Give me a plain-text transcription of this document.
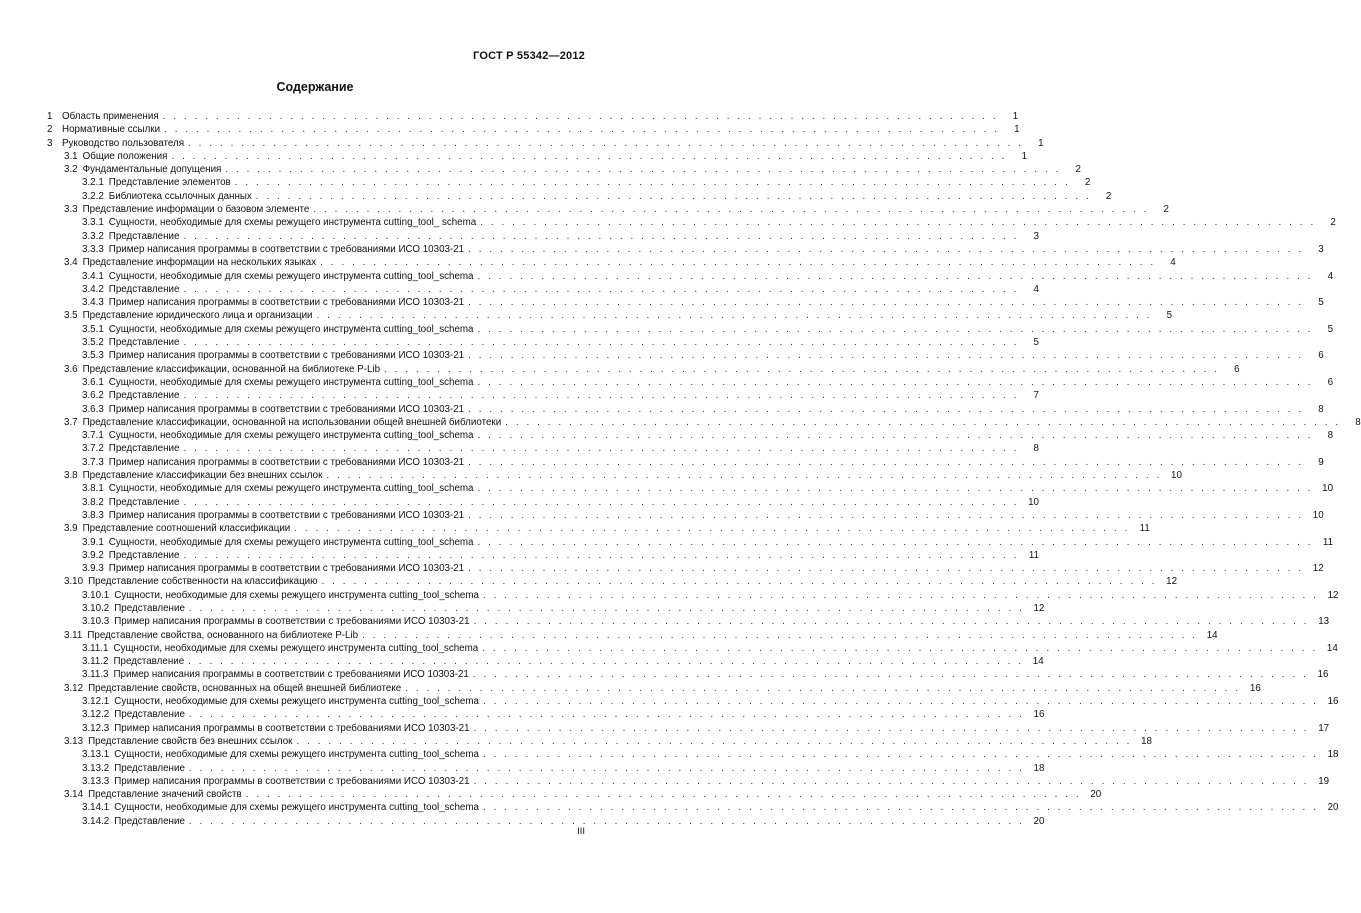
ГОСТ Р 55342—2012
Содержание
1 Область применения . . . . . . . . . . . . . . . . . . . . . . . . . . . . . . . . . . . . . . . . . . . . . . . . . . . . . . . . . . . . . . . . . . . . . . . . . . . . . . .	1
2 Нормативные ссылки . . . . . . . . . . . . . . . . . . . . . . . . . . . . . . . . . . . . . . . . . . . . . . . . . . . . . . . . . . . . . . . . . . . . . . . . . . . . . . .	1
3 Руководство пользователя . . . . . . . . . . . . . . . . . . . . . . . . . . . . . . . . . . . . . . . . . . . . . . . . . . . . . . . . . . . . . . . . . . . . . . . . . . . . . . .	1
3.1 Общие положения . . . . . . . . . . . . . . . . . . . . . . . . . . . . . . . . . . . . . . . . . . . . . . . . . . . . . . . . . . . . . . . . . . . . . . . . . . . . . . .	1
3.2 Фундаментальные допущения . . . . . . . . . . . . . . . . . . . . . . . . . . . . . . . . . . . . . . . . . . . . . . . . . . . . . . . . . . . . . . . . . . . . . . . . . . . . . . .	2
3.2.1 Представление элементов . . . . . . . . . . . . . . . . . . . . . . . . . . . . . . . . . . . . . . . . . . . . . . . . . . . . . . . . . . . . . . . . . . . . . . . . . . . . . . .	2
3.2.2 Библиотека ссылочных данных . . . . . . . . . . . . . . . . . . . . . . . . . . . . . . . . . . . . . . . . . . . . . . . . . . . . . . . . . . . . . . . . . . . . . . . . . . . . . . .	2
3.3 Представление информации о базовом элементе . . . . . . . . . . . . . . . . . . . . . . . . . . . . . . . . . . . . . . . . . . . . . . . . . . . . . . . . . . . . . . . . . . . . . . . . . . . . . . .	2
3.3.1 Сущности, необходимые для схемы режущего инструмента cutting_tool_ schema . . . . . . . . . . . . . . . . . . . . . . . . . . . . . . . . . . . . . . . . . . . . . . . . . . . . . . . . . . . . . . . . . . . . . . . . . . . . . . .	2
3.3.2 Представление . . . . . . . . . . . . . . . . . . . . . . . . . . . . . . . . . . . . . . . . . . . . . . . . . . . . . . . . . . . . . . . . . . . . . . . . . . . . . . .	3
3.3.3 Пример написания программы в соответствии с требованиями ИСО 10303-21 . . . . . . . . . . . . . . . . . . . . . . . . . . . . . . . . . . . . . . . . . . . . . . . . . . . . . . . . . . . . . . . . . . . . . . . . . . . . . . .	3
3.4 Представление информации на нескольких языках . . . . . . . . . . . . . . . . . . . . . . . . . . . . . . . . . . . . . . . . . . . . . . . . . . . . . . . . . . . . . . . . . . . . . . . . . . . . . . .	4
3.4.1 Сущности, необходимые для схемы режущего инструмента cutting_tool_schema . . . . . . . . . . . . . . . . . . . . . . . . . . . . . . . . . . . . . . . . . . . . . . . . . . . . . . . . . . . . . . . . . . . . . . . . . . . . . . .	4
3.4.2 Представление . . . . . . . . . . . . . . . . . . . . . . . . . . . . . . . . . . . . . . . . . . . . . . . . . . . . . . . . . . . . . . . . . . . . . . . . . . . . . . .	4
3.4.3 Пример написания программы в соответствии с требованиями ИСО 10303-21 . . . . . . . . . . . . . . . . . . . . . . . . . . . . . . . . . . . . . . . . . . . . . . . . . . . . . . . . . . . . . . . . . . . . . . . . . . . . . . .	5
3.5 Представление юридического лица и организации . . . . . . . . . . . . . . . . . . . . . . . . . . . . . . . . . . . . . . . . . . . . . . . . . . . . . . . . . . . . . . . . . . . . . . . . . . . . . . .	5
3.5.1 Сущности, необходимые для схемы режущего инструмента cutting_tool_schema . . . . . . . . . . . . . . . . . . . . . . . . . . . . . . . . . . . . . . . . . . . . . . . . . . . . . . . . . . . . . . . . . . . . . . . . . . . . . . .	5
3.5.2 Представление . . . . . . . . . . . . . . . . . . . . . . . . . . . . . . . . . . . . . . . . . . . . . . . . . . . . . . . . . . . . . . . . . . . . . . . . . . . . . . .	5
3.5.3 Пример написания программы в соответствии с требованиями ИСО 10303-21 . . . . . . . . . . . . . . . . . . . . . . . . . . . . . . . . . . . . . . . . . . . . . . . . . . . . . . . . . . . . . . . . . . . . . . . . . . . . . . .	6
3.6 Представление классификации, основанной на библиотеке P-Lib . . . . . . . . . . . . . . . . . . . . . . . . . . . . . . . . . . . . . . . . . . . . . . . . . . . . . . . . . . . . . . . . . . . . . . . . . . . . . . .	6
3.6.1 Сущности, необходимые для схемы режущего инструмента cutting_tool_schema . . . . . . . . . . . . . . . . . . . . . . . . . . . . . . . . . . . . . . . . . . . . . . . . . . . . . . . . . . . . . . . . . . . . . . . . . . . . . . .	6
3.6.2 Представление . . . . . . . . . . . . . . . . . . . . . . . . . . . . . . . . . . . . . . . . . . . . . . . . . . . . . . . . . . . . . . . . . . . . . . . . . . . . . . .	7
3.6.3 Пример написания программы в соответствии с требованиями ИСО 10303-21 . . . . . . . . . . . . . . . . . . . . . . . . . . . . . . . . . . . . . . . . . . . . . . . . . . . . . . . . . . . . . . . . . . . . . . . . . . . . . . .	8
3.7 Представление классификации, основанной на использовании общей внешней библиотеки . . . . . . . . . . . . . . . . . . . . . . . . . . . . . . . . . . . . . . . . . . . . . . . . . . . . . . . . . . . . . . . . . . . . . . . . . . . . . . .	8
3.7.1 Сущности, необходимые для схемы режущего инструмента cutting_tool_schema . . . . . . . . . . . . . . . . . . . . . . . . . . . . . . . . . . . . . . . . . . . . . . . . . . . . . . . . . . . . . . . . . . . . . . . . . . . . . . .	8
3.7.2 Представление . . . . . . . . . . . . . . . . . . . . . . . . . . . . . . . . . . . . . . . . . . . . . . . . . . . . . . . . . . . . . . . . . . . . . . . . . . . . . . .	8
3.7.3 Пример написания программы в соответствии с требованиями ИСО 10303-21 . . . . . . . . . . . . . . . . . . . . . . . . . . . . . . . . . . . . . . . . . . . . . . . . . . . . . . . . . . . . . . . . . . . . . . . . . . . . . . .	9
3.8 Представление классификации без внешних ссылок . . . . . . . . . . . . . . . . . . . . . . . . . . . . . . . . . . . . . . . . . . . . . . . . . . . . . . . . . . . . . . . . . . . . . . . . . . . . . . . 10
3.8.1 Сущности, необходимые для схемы режущего инструмента cutting_tool_schema . . . . . . . . . . . . . . . . . . . . . . . . . . . . . . . . . . . . . . . . . . . . . . . . . . . . . . . . . . . . . . . . . . . . . . . . . . . . . . . 10
3.8.2 Представление . . . . . . . . . . . . . . . . . . . . . . . . . . . . . . . . . . . . . . . . . . . . . . . . . . . . . . . . . . . . . . . . . . . . . . . . . . . . . . . 10
3.8.3 Пример написания программы в соответствии с требованиями ИСО 10303-21 . . . . . . . . . . . . . . . . . . . . . . . . . . . . . . . . . . . . . . . . . . . . . . . . . . . . . . . . . . . . . . . . . . . . . . . . . . . . . . . 10
3.9 Представление соотношений классификации . . . . . . . . . . . . . . . . . . . . . . . . . . . . . . . . . . . . . . . . . . . . . . . . . . . . . . . . . . . . . . . . . . . . . . . . . . . . . . .	11
3.9.1 Сущности, необходимые для схемы режущего инструмента cutting_tool_schema . . . . . . . . . . . . . . . . . . . . . . . . . . . . . . . . . . . . . . . . . . . . . . . . . . . . . . . . . . . . . . . . . . . . . . . . . . . . . . .	11
3.9.2 Представление . . . . . . . . . . . . . . . . . . . . . . . . . . . . . . . . . . . . . . . . . . . . . . . . . . . . . . . . . . . . . . . . . . . . . . . . . . . . . . .	11
3.9.3 Пример написания программы в соответствии с требованиями ИСО 10303-21 . . . . . . . . . . . . . . . . . . . . . . . . . . . . . . . . . . . . . . . . . . . . . . . . . . . . . . . . . . . . . . . . . . . . . . . . . . . . . . . 12
3.10 Представление собственности на классификацию . . . . . . . . . . . . . . . . . . . . . . . . . . . . . . . . . . . . . . . . . . . . . . . . . . . . . . . . . . . . . . . . . . . . . . . . . . . . . . . 12
3.10.1 Сущности, необходимые для схемы режущего инструмента cutting_tool_schema . . . . . . . . . . . . . . . . . . . . . . . . . . . . . . . . . . . . . . . . . . . . . . . . . . . . . . . . . . . . . . . . . . . . . . . . . . . . . . . 12
3.10.2 Представление . . . . . . . . . . . . . . . . . . . . . . . . . . . . . . . . . . . . . . . . . . . . . . . . . . . . . . . . . . . . . . . . . . . . . . . . . . . . . . . 12
3.10.3 Пример написания программы в соответствии с требованиями ИСО 10303-21 . . . . . . . . . . . . . . . . . . . . . . . . . . . . . . . . . . . . . . . . . . . . . . . . . . . . . . . . . . . . . . . . . . . . . . . . . . . . . . . 13
3.11 Представление свойства, основанного на библиотеке P-Lib . . . . . . . . . . . . . . . . . . . . . . . . . . . . . . . . . . . . . . . . . . . . . . . . . . . . . . . . . . . . . . . . . . . . . . . . . . . . . . . 14
3.11.1 Сущности, необходимые для схемы режущего инструмента cutting_tool_schema . . . . . . . . . . . . . . . . . . . . . . . . . . . . . . . . . . . . . . . . . . . . . . . . . . . . . . . . . . . . . . . . . . . . . . . . . . . . . . . 14
3.11.2 Представление . . . . . . . . . . . . . . . . . . . . . . . . . . . . . . . . . . . . . . . . . . . . . . . . . . . . . . . . . . . . . . . . . . . . . . . . . . . . . . . 14
3.11.3 Пример написания программы в соответствии с требованиями ИСО 10303-21 . . . . . . . . . . . . . . . . . . . . . . . . . . . . . . . . . . . . . . . . . . . . . . . . . . . . . . . . . . . . . . . . . . . . . . . . . . . . . . . 16
3.12 Представление свойств, основанных на общей внешней библиотеке . . . . . . . . . . . . . . . . . . . . . . . . . . . . . . . . . . . . . . . . . . . . . . . . . . . . . . . . . . . . . . . . . . . . . . . . . . . . . . . 16
3.12.1 Сущности, необходимые для схемы режущего инструмента cutting_tool_schema . . . . . . . . . . . . . . . . . . . . . . . . . . . . . . . . . . . . . . . . . . . . . . . . . . . . . . . . . . . . . . . . . . . . . . . . . . . . . . . 16
3.12.2 Представление . . . . . . . . . . . . . . . . . . . . . . . . . . . . . . . . . . . . . . . . . . . . . . . . . . . . . . . . . . . . . . . . . . . . . . . . . . . . . . . 16
3.12.3 Пример написания программы в соответствии с требованиями ИСО 10303-21 . . . . . . . . . . . . . . . . . . . . . . . . . . . . . . . . . . . . . . . . . . . . . . . . . . . . . . . . . . . . . . . . . . . . . . . . . . . . . . . 17
3.13 Представление свойств без внешних ссылок . . . . . . . . . . . . . . . . . . . . . . . . . . . . . . . . . . . . . . . . . . . . . . . . . . . . . . . . . . . . . . . . . . . . . . . . . . . . . . . 18
3.13.1 Сущности, необходимые для схемы режущего инструмента cutting_tool_schema . . . . . . . . . . . . . . . . . . . . . . . . . . . . . . . . . . . . . . . . . . . . . . . . . . . . . . . . . . . . . . . . . . . . . . . . . . . . . . . 18
3.13.2 Представление . . . . . . . . . . . . . . . . . . . . . . . . . . . . . . . . . . . . . . . . . . . . . . . . . . . . . . . . . . . . . . . . . . . . . . . . . . . . . . . 18
3.13.3 Пример написания программы в соответствии с требованиями ИСО 10303-21 . . . . . . . . . . . . . . . . . . . . . . . . . . . . . . . . . . . . . . . . . . . . . . . . . . . . . . . . . . . . . . . . . . . . . . . . . . . . . . . 19
3.14 Представление значений свойств . . . . . . . . . . . . . . . . . . . . . . . . . . . . . . . . . . . . . . . . . . . . . . . . . . . . . . . . . . . . . . . . . . . . . . . . . . . . . . . 20
3.14.1 Сущности, необходимые для схемы режущего инструмента cutting_tool_schema . . . . . . . . . . . . . . . . . . . . . . . . . . . . . . . . . . . . . . . . . . . . . . . . . . . . . . . . . . . . . . . . . . . . . . . . . . . . . . . 20
3.14.2 Представление . . . . . . . . . . . . . . . . . . . . . . . . . . . . . . . . . . . . . . . . . . . . . . . . . . . . . . . . . . . . . . . . . . . . . . . . . . . . . . . 20
III
